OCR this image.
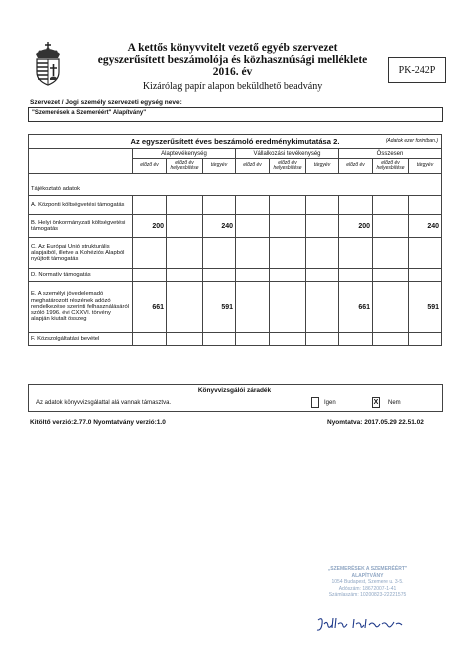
A kettős könyvvitelt vezető egyéb szervezet
egyszerűsített beszámolója és közhasznúsági melléklete
2016. év
Kizárólag papír alapon beküldhető beadvány
PK-242P
Szervezet / Jogi személy szervezeti egység neve:
"Szemerések a Szemeréért" Alapítvány"
Az egyszerűsített éves beszámoló eredménykimutatása 2. (Adatok ezer forintban.)									

	Alaptevékenység			Vállalkozási tevékenység			Összesen		
	előző év	előző év helyesbítése	tárgyév	előző év	előző év helyesbítése	tárgyév	előző év	előző év helyesbítése	tárgyév
Tájékoztató adatok									
A. Központi költségvetési támogatás									
B. Helyi önkormányzati költségvetési támogatás	200		240				200		240
C. Az Európai Unió strukturális alapjaiból, illetve a Kohéziós Alapból nyújtott támogatás									
D. Normatív támogatás									
E. A személyi jövedelemadó meghatározott részének adózó rendelkezése szerinti felhasználásáról szóló 1996. évi CXXVI. törvény alapján kiutalt összeg	661		591				661		591
F. Közszolgáltatási bevétel									
Könyvvizsgálói záradék
Az adatok könyvvizsgálattal alá vannak támasztva.	Igen	X Nem
Kitöltő verzió:2.77.0 Nyomtatvány verzió:1.0	Nyomtatva: 2017.05.29 22.51.02
„SZEMERÉSEK A SZEMERÉÉRT"
ALAPÍTVÁNY
1054 Budapest, Szemere u. 3-5.
Adószám: 18672007-1-41
Számlaszám: 10200823-22221575
